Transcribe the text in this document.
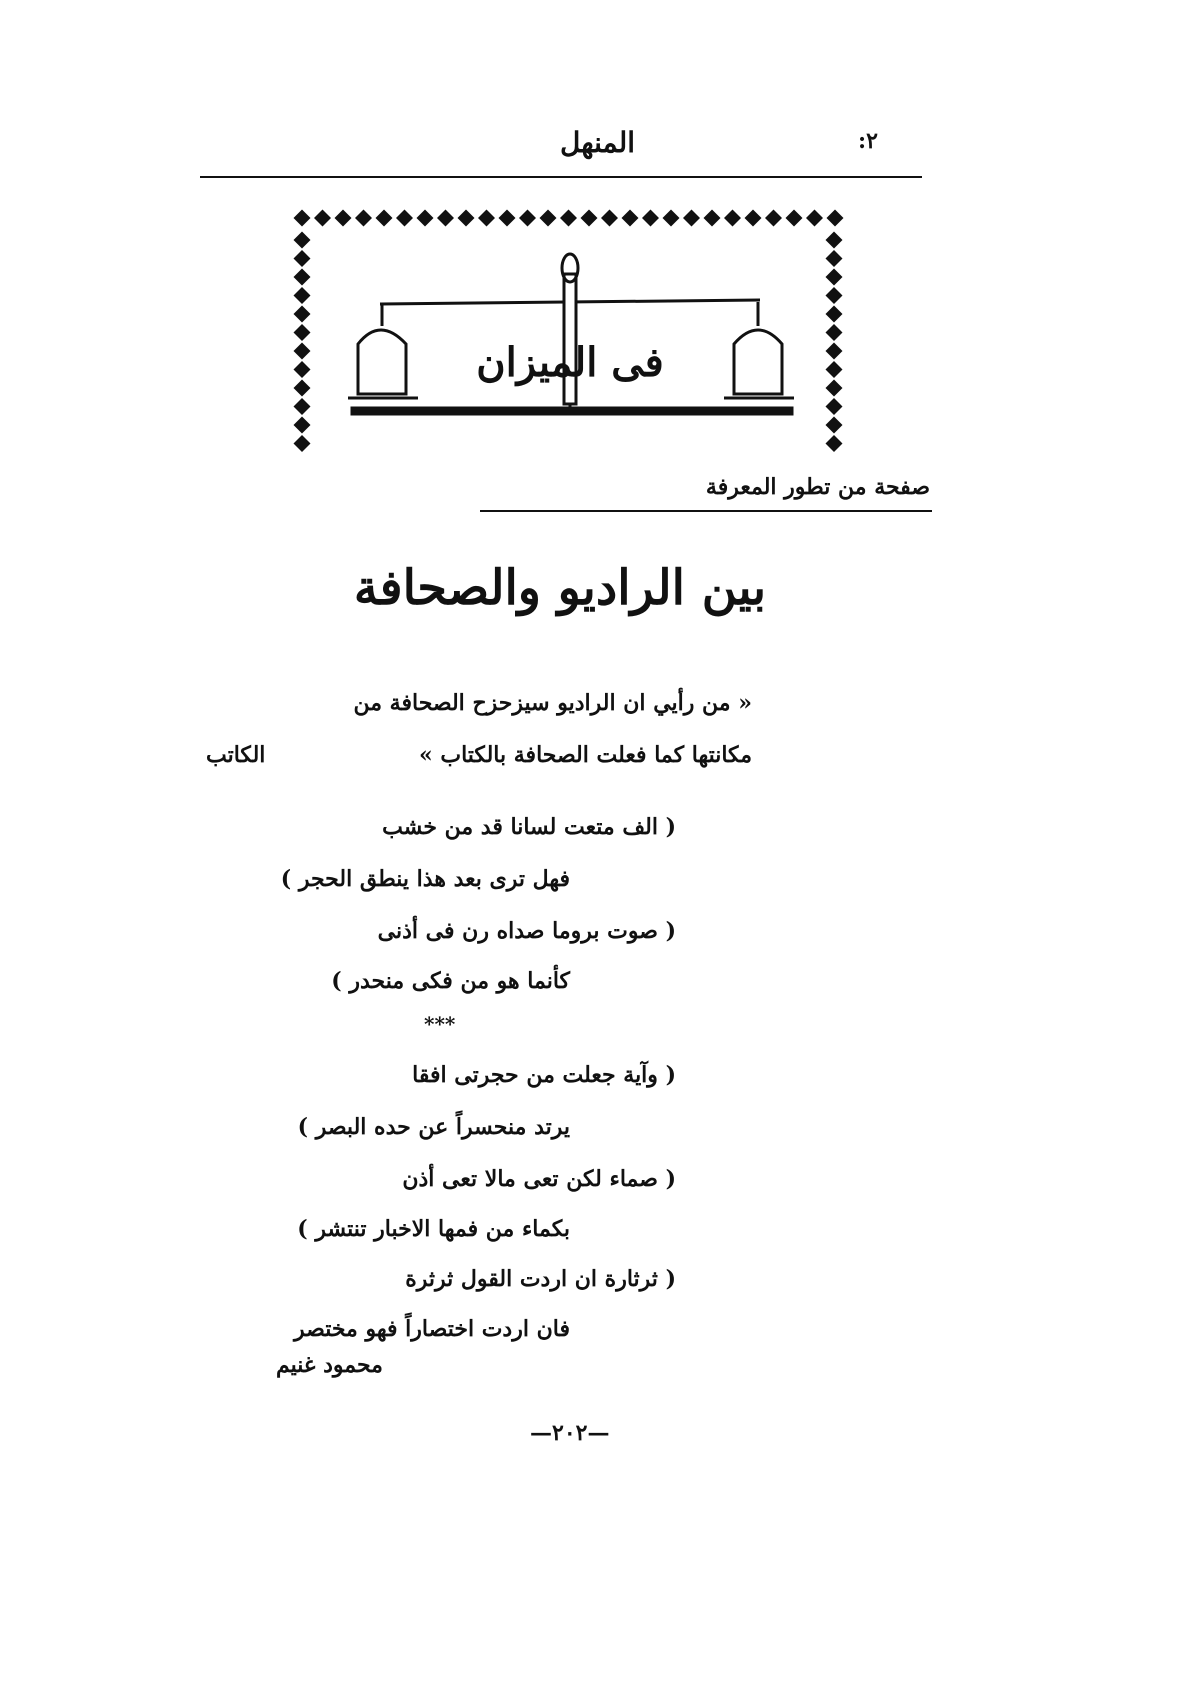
۲:
المنهل
فى الميزان
صفحة من تطور المعرفة
بين الراديو والصحافة
« من رأيي ان الراديو سيزحزح الصحافة من
مكانتها كما فعلت الصحافة بالكتاب »
الكاتب
( الف متعت لسانا قد من خشب
فهل ترى بعد هذا ينطق الحجر )
( صوت بروما صداه رن فى أذنى
كأنما هو من فكى منحدر )
***
( وآية جعلت من حجرتى افقا
يرتد منحسراً عن حده البصر )
( صماء لكن تعى مالا تعى أذن
بكماء من فمها الاخبار تنتشر )
( ثرثارة ان اردت القول ثرثرة
فان اردت اختصاراً فهو مختصر
محمود غنيم
—۲۰۲—
